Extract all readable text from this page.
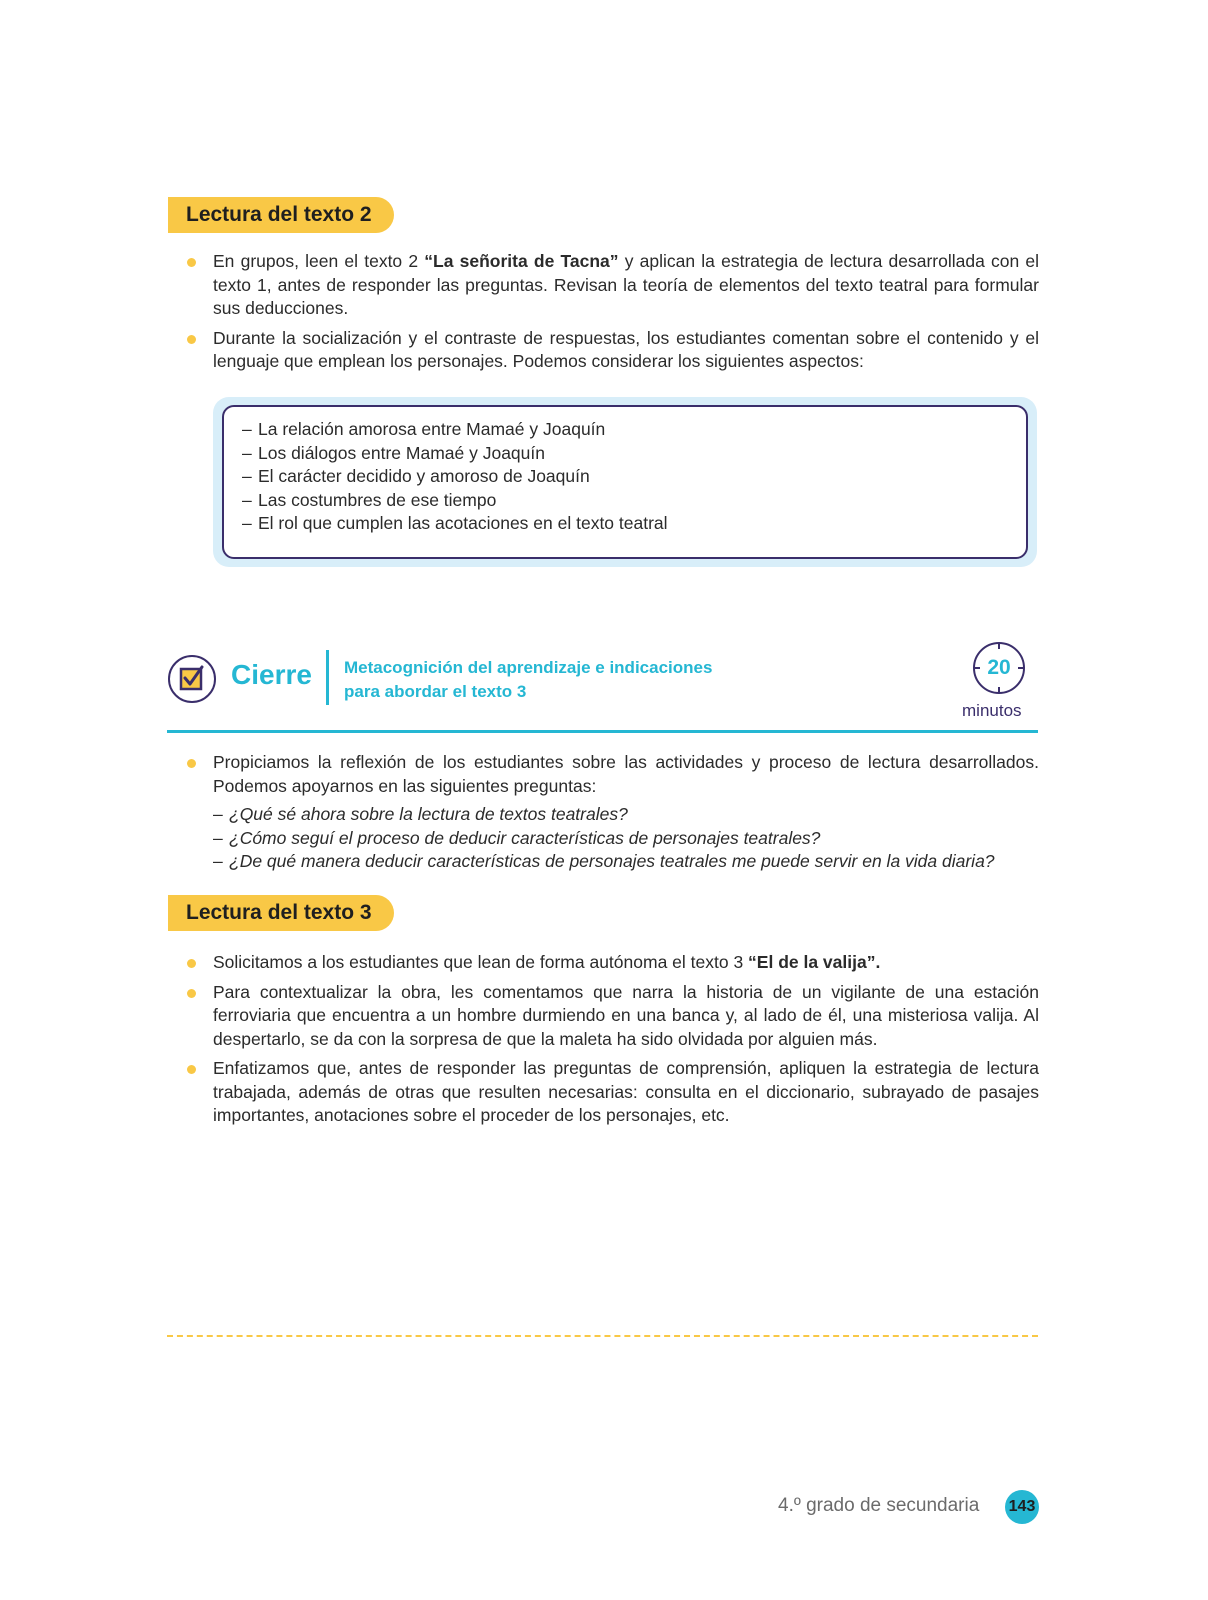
Lectura del texto 2
En grupos, leen el texto 2 “La señorita de Tacna” y aplican la estrategia de lectura desarrollada con el texto 1, antes de responder las preguntas. Revisan la teoría de elementos del texto teatral para formular sus deducciones.
Durante la socialización y el contraste de respuestas, los estudiantes comentan sobre el contenido y el lenguaje que emplean los personajes. Podemos considerar los siguientes aspectos:
– La relación amorosa entre Mamaé y Joaquín
– Los diálogos entre Mamaé y Joaquín
– El carácter decidido y amoroso de Joaquín
– Las costumbres de ese tiempo
– El rol que cumplen las acotaciones en el texto teatral
Cierre Metacognición del aprendizaje e indicaciones
para abordar el texto 3
20
minutos
Propiciamos la reflexión de los estudiantes sobre las actividades y proceso de lectura desarrollados. Podemos apoyarnos en las siguientes preguntas:
– ¿Qué sé ahora sobre la lectura de textos teatrales?
– ¿Cómo seguí el proceso de deducir características de personajes teatrales?
– ¿De qué manera deducir características de personajes teatrales me puede servir en la vida diaria?
Lectura del texto 3
Solicitamos a los estudiantes que lean de forma autónoma el texto 3 “El de la valija”.
Para contextualizar la obra, les comentamos que narra la historia de un vigilante de una estación ferroviaria que encuentra a un hombre durmiendo en una banca y, al lado de él, una misteriosa valija. Al despertarlo, se da con la sorpresa de que la maleta ha sido olvidada por alguien más.
Enfatizamos que, antes de responder las preguntas de comprensión, apliquen la estrategia de lectura trabajada, además de otras que resulten necesarias: consulta en el diccionario, subrayado de pasajes importantes, anotaciones sobre el proceder de los personajes, etc.
4.º grado de secundaria 143
